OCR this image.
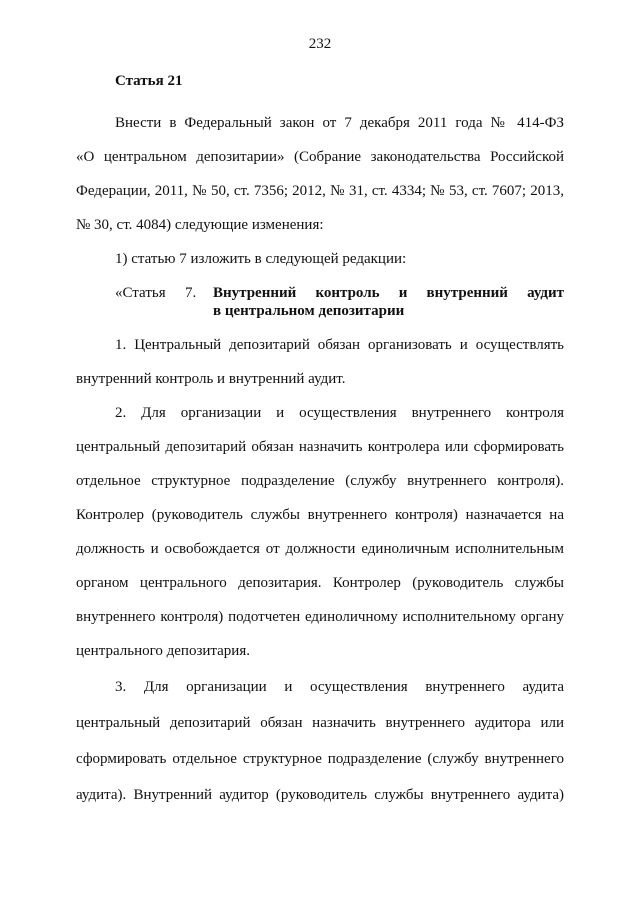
232
Статья 21
Внести в Федеральный закон от 7 декабря 2011 года № 414-ФЗ
«О центральном депозитарии» (Собрание законодательства Российской
Федерации, 2011, № 50, ст. 7356; 2012, № 31, ст. 4334; № 53, ст. 7607; 2013,
№ 30, ст. 4084) следующие изменения:
1) статью 7 изложить в следующей редакции:
«Статья 7. Внутренний контроль и внутренний аудит
в центральном депозитарии
1. Центральный депозитарий обязан организовать и осуществлять
внутренний контроль и внутренний аудит.
2. Для организации и осуществления внутреннего контроля
центральный депозитарий обязан назначить контролера или сформировать
отдельное структурное подразделение (службу внутреннего контроля).
Контролер (руководитель службы внутреннего контроля) назначается на
должность и освобождается от должности единоличным исполнительным
органом центрального депозитария. Контролер (руководитель службы
внутреннего контроля) подотчетен единоличному исполнительному органу
центрального депозитария.
3. Для организации и осуществления внутреннего аудита
центральный депозитарий обязан назначить внутреннего аудитора или
сформировать отдельное структурное подразделение (службу внутреннего
аудита). Внутренний аудитор (руководитель службы внутреннего аудита)
